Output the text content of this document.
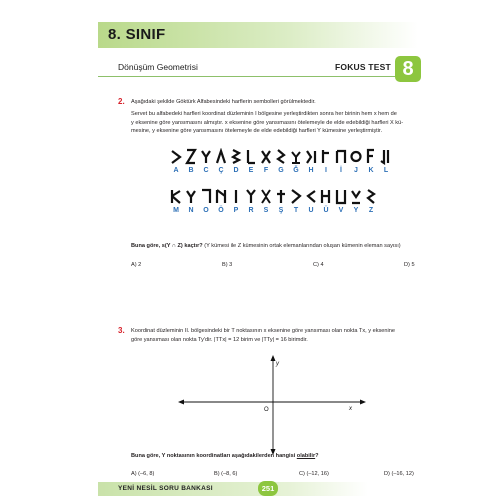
8. SINIF
Dönüşüm Geometrisi	FOKUS TEST 8
2. Aşağıdaki şekilde Göktürk Alfabesindeki harflerin sembolleri görülmektedir.
Servet bu alfabedeki harfleri koordinat düzleminin I bölgesine yerleştirdikten sonra her birinin hem x hem de
y eksenine göre yansımasını almıştır. x eksenine göre yansımasını ötelemeyle de elde edebildiği harfleri X kü-
mesine, y eksenine göre yansımasını ötelemeyle de elde edebildiği harfleri Y kümesine yerleştirmiştir.
A	B	C	Ç	D	E	F	G	Ğ	H	I	İ	J	K	L
M	N	O	Ö	P	R	S	Ş	T	U	Ü	V	Y	Z
Buna göre, s(Y ∩ Z) kaçtır? (Y kümesi ile Z kümesinin ortak elemanlarından oluşan kümenin eleman sayısı)
A) 2	B) 3	C) 4	D) 5
3. Koordinat düzleminin II. bölgesindeki bir T noktasının x eksenine göre yansıması olan nokta Tx, y eksenine
göre yansıması olan nokta Ty'dir. |TTx| = 12 birim ve |TTy| = 16 birimdir.
O	x
y
Buna göre, Y noktasının koordinatları aşağıdakilerden hangisi olabilir?
A) (–6, 8)	B) (–8, 6)	C) (–12, 16)	D) (–16, 12)
YENİ NESİL SORU BANKASI	251
